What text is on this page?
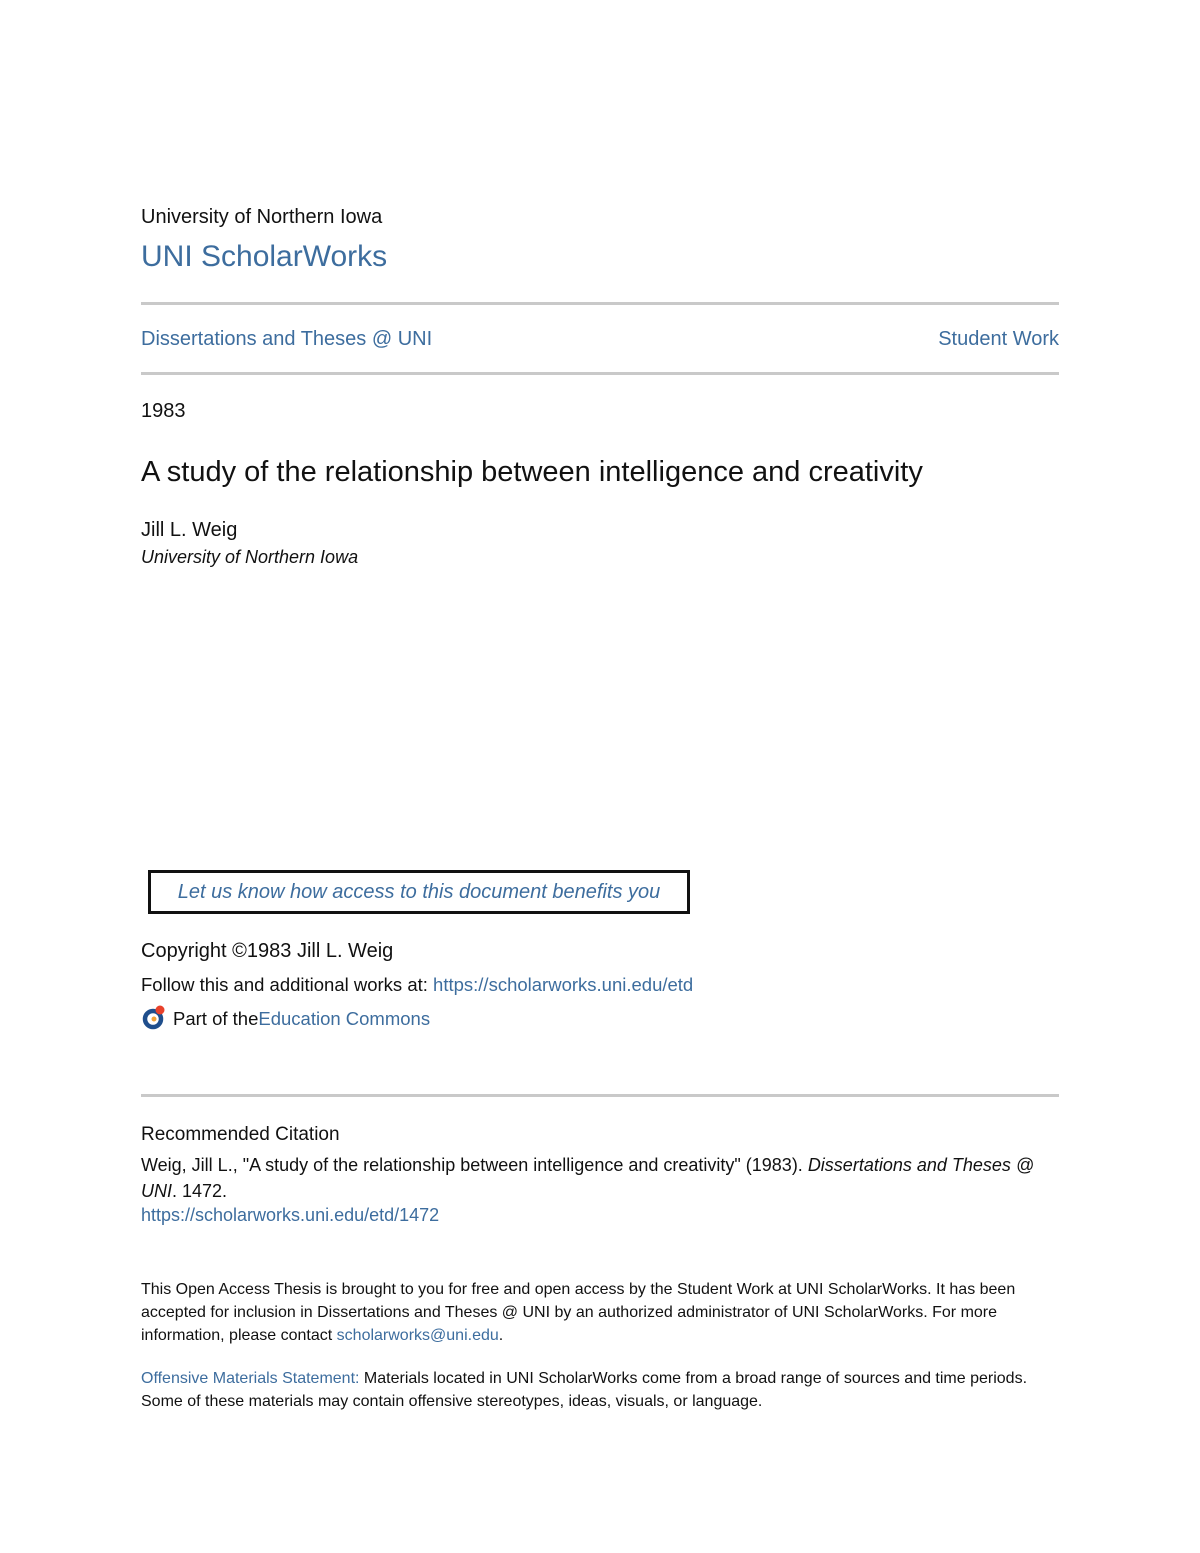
University of Northern Iowa
UNI ScholarWorks
Dissertations and Theses @ UNI	Student Work
1983
A study of the relationship between intelligence and creativity
Jill L. Weig
University of Northern Iowa
Let us know how access to this document benefits you
Copyright ©1983 Jill L. Weig
Follow this and additional works at: https://scholarworks.uni.edu/etd
Part of the Education Commons
Recommended Citation
Weig, Jill L., "A study of the relationship between intelligence and creativity" (1983). Dissertations and Theses @ UNI. 1472.
https://scholarworks.uni.edu/etd/1472
This Open Access Thesis is brought to you for free and open access by the Student Work at UNI ScholarWorks. It has been accepted for inclusion in Dissertations and Theses @ UNI by an authorized administrator of UNI ScholarWorks. For more information, please contact scholarworks@uni.edu.
Offensive Materials Statement: Materials located in UNI ScholarWorks come from a broad range of sources and time periods. Some of these materials may contain offensive stereotypes, ideas, visuals, or language.
